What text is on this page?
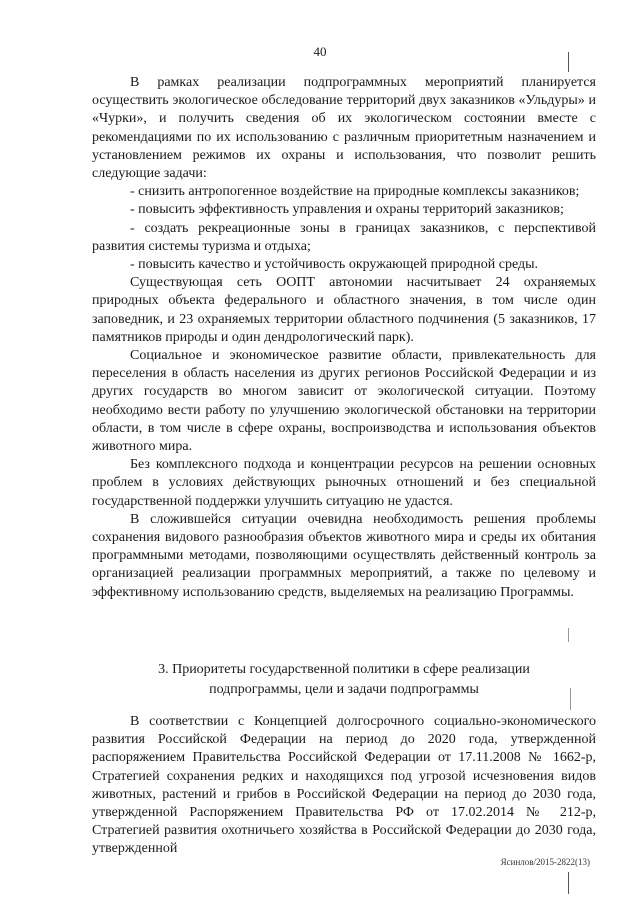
40

В рамках реализации подпрограммных мероприятий планируется осуществить экологическое обследование территорий двух заказников «Ульдуры» и «Чурки», и получить сведения об их экологическом состоянии вместе с рекомендациями по их использованию с различным приоритетным назначением и установлением режимов их охраны и использования, что позволит решить следующие задачи:

- снизить антропогенное воздействие на природные комплексы заказников;

- повысить эффективность управления и охраны территорий заказников;

- создать рекреационные зоны в границах заказников, с перспективой развития системы туризма и отдыха;

- повысить качество и устойчивость окружающей природной среды.

Существующая сеть ООПТ автономии насчитывает 24 охраняемых природных объекта федерального и областного значения, в том числе один заповедник, и 23 охраняемых территории областного подчинения (5 заказников, 17 памятников природы и один дендрологический парк).

Социальное и экономическое развитие области, привлекательность для переселения в область населения из других регионов Российской Федерации и из других государств во многом зависит от экологической ситуации. Поэтому необходимо вести работу по улучшению экологической обстановки на территории области, в том числе в сфере охраны, воспроизводства и использования объектов животного мира.

Без комплексного подхода и концентрации ресурсов на решении основных проблем в условиях действующих рыночных отношений и без специальной государственной поддержки улучшить ситуацию не удастся.

В сложившейся ситуации очевидна необходимость решения проблемы сохранения видового разнообразия объектов животного мира и среды их обитания программными методами, позволяющими осуществлять действенный контроль за организацией реализации программных мероприятий, а также по целевому и эффективному использованию средств, выделяемых на реализацию Программы.

3. Приоритеты государственной политики в сфере реализации
подпрограммы, цели и задачи подпрограммы

В соответствии с Концепцией долгосрочного социально-экономического развития Российской Федерации на период до 2020 года, утвержденной распоряжением Правительства Российской Федерации от 17.11.2008 № 1662-р, Стратегией сохранения редких и находящихся под угрозой исчезновения видов животных, растений и грибов в Российской Федерации на период до 2030 года, утвержденной Распоряжением Правительства РФ от 17.02.2014 № 212-р, Стратегией развития охотничьего хозяйства в Российской Федерации до 2030 года, утвержденной

Ясинлов/2015-2822(13)
